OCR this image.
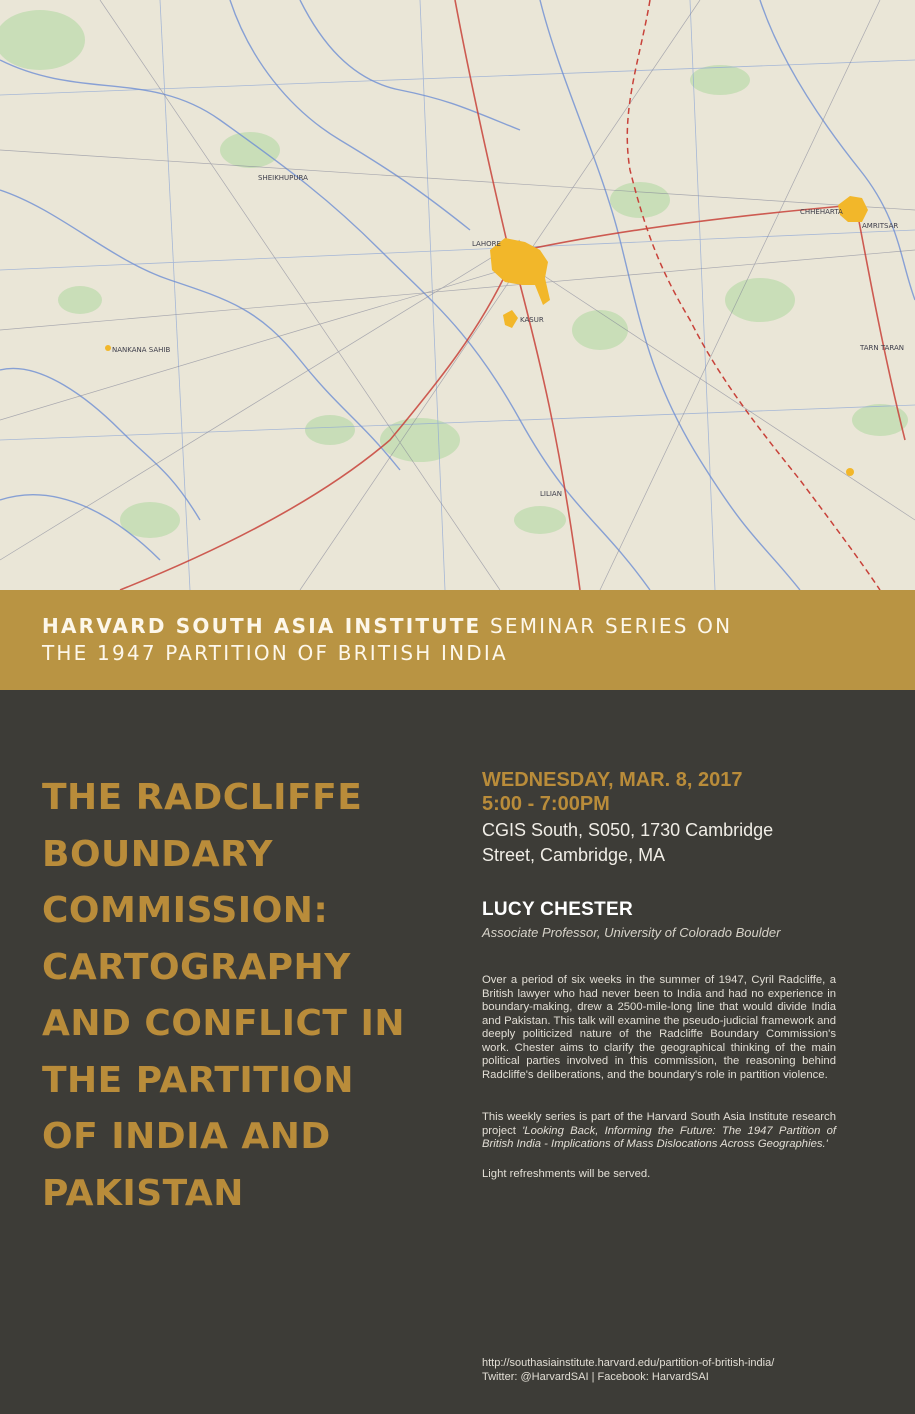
LAHORE
AMRITSAR
SHEIKHUPURA
NANKANA SAHIB	TARN TARAN
CHHEHARTA
KASUR
LILIAN
HARVARD SOUTH ASIA INSTITUTE SEMINAR SERIES ON
THE 1947 PARTITION OF BRITISH INDIA
THE RADCLIFFE
BOUNDARY
COMMISSION:
CARTOGRAPHY
AND CONFLICT IN
THE PARTITION
OF INDIA AND
PAKISTAN
WEDNESDAY, MAR. 8, 2017
5:00 - 7:00PM
CGIS South, S050, 1730 Cambridge
Street, Cambridge, MA
LUCY CHESTER
Associate Professor, University of Colorado Boulder

Over a period of six weeks in the summer of 1947, Cyril Radcliffe, a British lawyer who had never been to India and had no experience in boundary-making, drew a 2500-mile-long line that would divide India and Pakistan. This talk will examine the pseudo-judicial framework and deeply politicized nature of the Radcliffe Boundary Commission's work. Chester aims to clarify the geographical thinking of the main political parties involved in this commission, the reasoning behind Radcliffe's deliberations, and the boundary's role in partition violence.

This weekly series is part of the Harvard South Asia Institute research project 'Looking Back, Informing the Future: The 1947 Partition of British India - Implications of Mass Dislocations Across Geographies.'

Light refreshments will be served.

http://southasiainstitute.harvard.edu/partition-of-british-india/
Twitter: @HarvardSAI | Facebook: HarvardSAI
